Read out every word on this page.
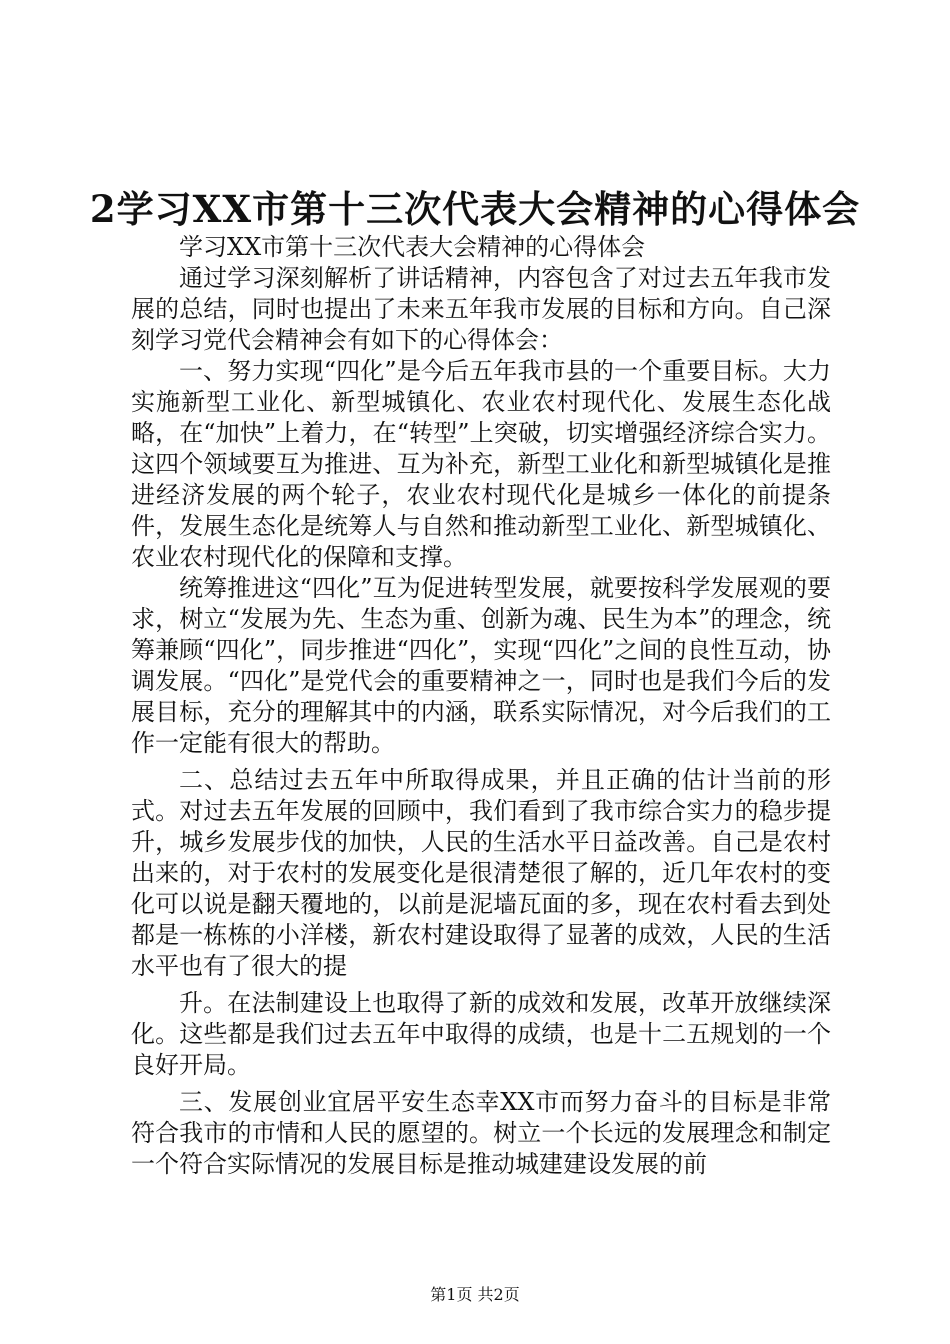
2学习XX市第十三次代表大会精神的心得体会

学习XX市第十三次代表大会精神的心得体会

通过学习深刻解析了讲话精神，内容包含了对过去五年我市发展的总结，同时也提出了未来五年我市发展的目标和方向。自己深刻学习党代会精神会有如下的心得体会：

一、努力实现“四化”是今后五年我市县的一个重要目标。大力实施新型工业化、新型城镇化、农业农村现代化、发展生态化战略，在“加快”上着力，在“转型”上突破，切实增强经济综合实力。这四个领域要互为推进、互为补充，新型工业化和新型城镇化是推进经济发展的两个轮子，农业农村现代化是城乡一体化的前提条件，发展生态化是统筹人与自然和推动新型工业化、新型城镇化、农业农村现代化的保障和支撑。

统筹推进这“四化”互为促进转型发展，就要按科学发展观的要求，树立“发展为先、生态为重、创新为魂、民生为本”的理念，统筹兼顾“四化”，同步推进“四化”，实现“四化”之间的良性互动，协调发展。“四化”是党代会的重要精神之一，同时也是我们今后的发展目标，充分的理解其中的内涵，联系实际情况，对今后我们的工作一定能有很大的帮助。

二、总结过去五年中所取得成果，并且正确的估计当前的形式。对过去五年发展的回顾中，我们看到了我市综合实力的稳步提升，城乡发展步伐的加快，人民的生活水平日益改善。自己是农村出来的，对于农村的发展变化是很清楚很了解的，近几年农村的变化可以说是翻天覆地的，以前是泥墙瓦面的多，现在农村看去到处都是一栋栋的小洋楼，新农村建设取得了显著的成效，人民的生活水平也有了很大的提

升。在法制建设上也取得了新的成效和发展，改革开放继续深化。这些都是我们过去五年中取得的成绩，也是十二五规划的一个良好开局。

三、发展创业宜居平安生态幸XX市而努力奋斗的目标是非常符合我市的市情和人民的愿望的。树立一个长远的发展理念和制定一个符合实际情况的发展目标是推动城建建设发展的前

第1页 共2页
